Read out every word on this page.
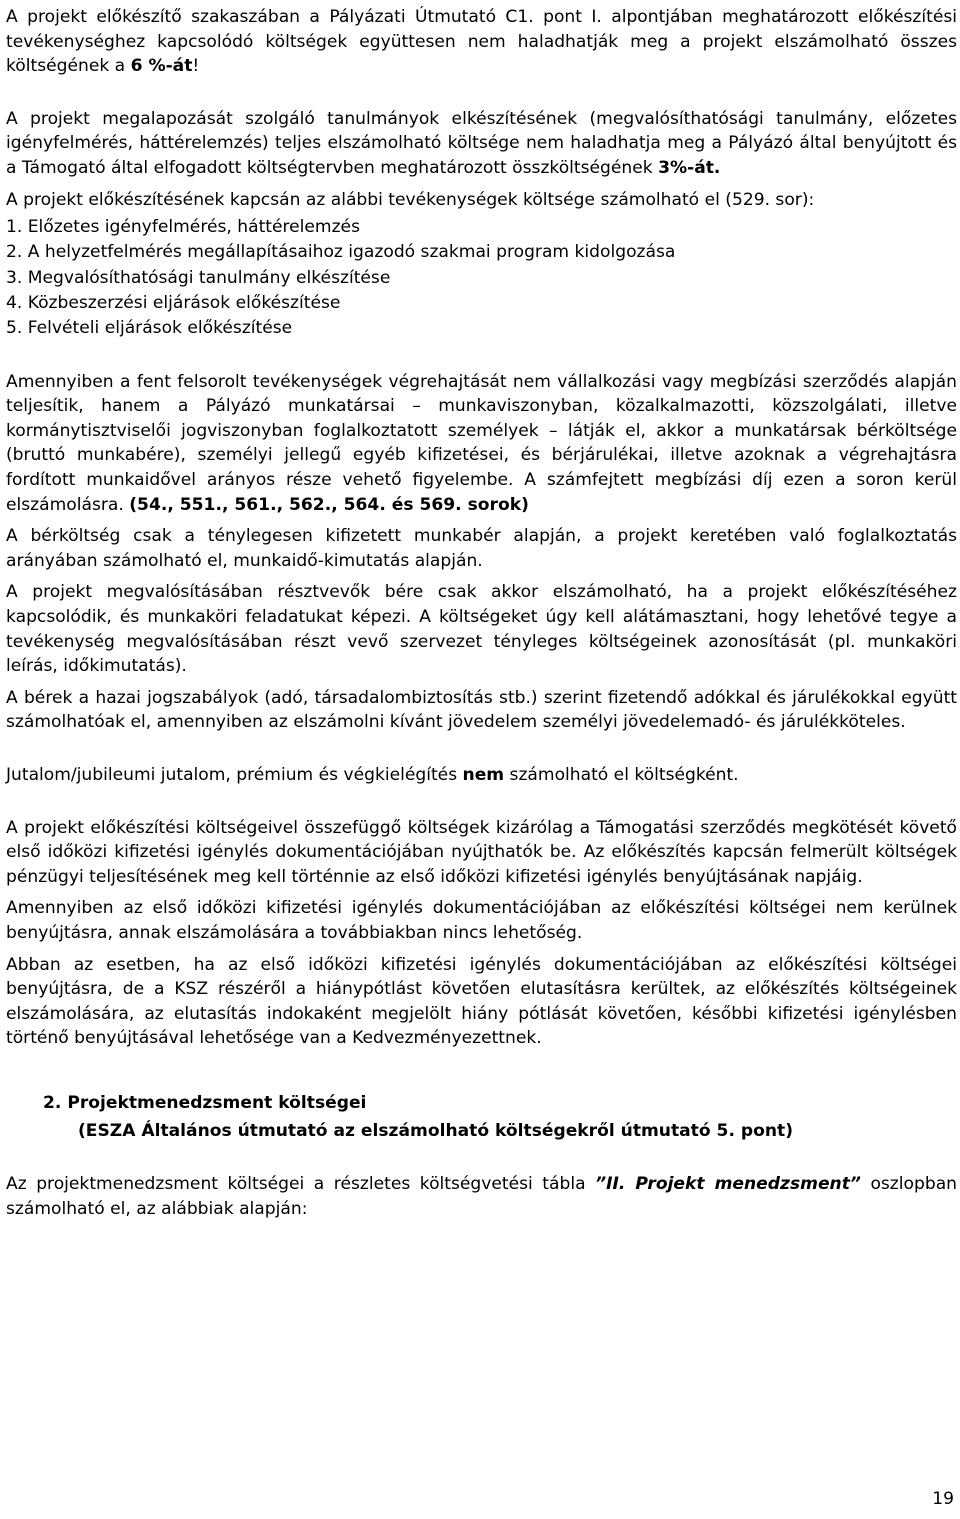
A projekt előkészítő szakaszában a Pályázati Útmutató C1. pont I. alpontjában meghatározott előkészítési tevékenységhez kapcsolódó költségek együttesen nem haladhatják meg a projekt elszámolható összes költségének a 6 %-át!

A projekt megalapozását szolgáló tanulmányok elkészítésének (megvalósíthatósági tanulmány, előzetes igényfelmérés, háttérelemzés) teljes elszámolható költsége nem haladhatja meg a Pályázó által benyújtott és a Támogató által elfogadott költségtervben meghatározott összköltségének 3%-át.

A projekt előkészítésének kapcsán az alábbi tevékenységek költsége számolható el (529. sor):

1. Előzetes igényfelmérés, háttérelemzés
2. A helyzetfelmérés megállapításaihoz igazodó szakmai program kidolgozása
3. Megvalósíthatósági tanulmány elkészítése
4. Közbeszerzési eljárások előkészítése
5. Felvételi eljárások előkészítése

Amennyiben a fent felsorolt tevékenységek végrehajtását nem vállalkozási vagy megbízási szerződés alapján teljesítik, hanem a Pályázó munkatársai – munkaviszonyban, közalkalmazotti, közszolgálati, illetve kormánytisztviselői jogviszonyban foglalkoztatott személyek – látják el, akkor a munkatársak bérköltsége (bruttó munkabére), személyi jellegű egyéb kifizetései, és bérjárulékai, illetve azoknak a végrehajtásra fordított munkaidővel arányos része vehető figyelembe. A számfejtett megbízási díj ezen a soron kerül elszámolásra. (54., 551., 561., 562., 564. és 569. sorok)

A bérköltség csak a ténylegesen kifizetett munkabér alapján, a projekt keretében való foglalkoztatás arányában számolható el, munkaidő-kimutatás alapján.

A projekt megvalósításában résztvevők bére csak akkor elszámolható, ha a projekt előkészítéséhez kapcsolódik, és munkaköri feladatukat képezi. A költségeket úgy kell alátámasztani, hogy lehetővé tegye a tevékenység megvalósításában részt vevő szervezet tényleges költségeinek azonosítását (pl. munkaköri leírás, időkimutatás).

A bérek a hazai jogszabályok (adó, társadalombiztosítás stb.) szerint fizetendő adókkal és járulékokkal együtt számolhatóak el, amennyiben az elszámolni kívánt jövedelem személyi jövedelemadó- és járulékköteles.

Jutalom/jubileumi jutalom, prémium és végkielégítés nem számolható el költségként.

A projekt előkészítési költségeivel összefüggő költségek kizárólag a Támogatási szerződés megkötését követő első időközi kifizetési igénylés dokumentációjában nyújthatók be. Az előkészítés kapcsán felmerült költségek pénzügyi teljesítésének meg kell történnie az első időközi kifizetési igénylés benyújtásának napjáig.

Amennyiben az első időközi kifizetési igénylés dokumentációjában az előkészítési költségei nem kerülnek benyújtásra, annak elszámolására a továbbiakban nincs lehetőség.

Abban az esetben, ha az első időközi kifizetési igénylés dokumentációjában az előkészítési költségei benyújtásra, de a KSZ részéről a hiánypótlást követően elutasításra kerültek, az előkészítés költségeinek elszámolására, az elutasítás indokaként megjelölt hiány pótlását követően, későbbi kifizetési igénylésben történő benyújtásával lehetősége van a Kedvezményezettnek.

2. Projektmenedzsment költségei
(ESZA Általános útmutató az elszámolható költségekről útmutató 5. pont)

Az projektmenedzsment költségei a részletes költségvetési tábla ”II. Projekt menedzsment” oszlopban számolható el, az alábbiak alapján:

19
